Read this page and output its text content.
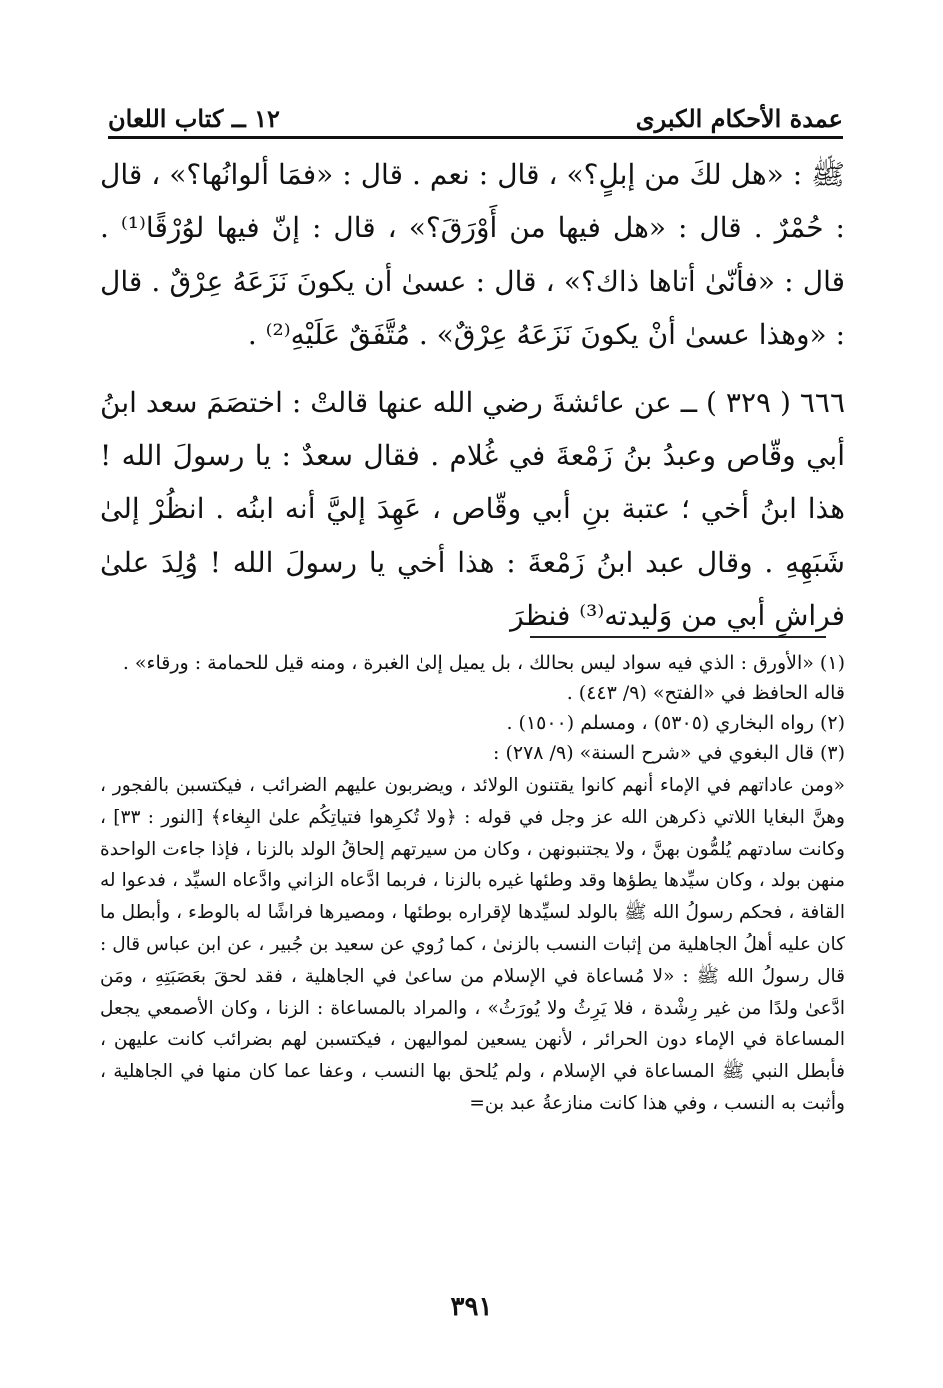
عمدة الأحكام الكبرى
١٢ ــ كتاب اللعان

ﷺ : «هل لكَ من إبلٍ؟» ، قال : نعم . قال : «فمَا ألوانُها؟» ، قال : حُمْرٌ . قال : «هل فيها من أَوْرَقَ؟» ، قال : إنّ فيها لوُرْقًا⁽¹⁾ . قال : «فأنّىٰ أتاها ذاك؟» ، قال : عسىٰ أن يكونَ نَزَعَهُ عِرْقٌ . قال : «وهذا عسىٰ أنْ يكونَ نَزَعَهُ عِرْقٌ» . مُتَّفَقٌ عَلَيْهِ⁽²⁾ .

٦٦٦ ( ٣٢٩ ) ــ عن عائشةَ رضي الله عنها قالتْ : اختصَمَ سعد ابنُ أبي وقّاص وعبدُ بنُ زَمْعةَ في غُلام . فقال سعدٌ : يا رسولَ الله ! هذا ابنُ أخي ؛ عتبة بنِ أبي وقّاص ، عَهِدَ إليَّ أنه ابنُه . انظُرْ إلىٰ شَبَهِهِ . وقال عبد ابنُ زَمْعةَ : هذا أخي يا رسولَ الله ! وُلِدَ علىٰ فراشِ أبي من وَليدته⁽³⁾ فنظرَ

(١) «الأورق : الذي فيه سواد ليس بحالك ، بل يميل إلىٰ الغبرة ، ومنه قيل للحمامة : ورقاء» . قاله الحافظ في «الفتح» (٩/ ٤٤٣) .

(٢) رواه البخاري (٥٣٠٥) ، ومسلم (١٥٠٠) .

(٣) قال البغوي في «شرح السنة» (٩/ ٢٧٨) :

«ومن عاداتهم في الإماء أنهم كانوا يقتنون الولائد ، ويضربون عليهم الضرائب ، فيكتسبن بالفجور ، وهنَّ البغايا اللاتي ذكرهن الله عز وجل في قوله : ﴿ولا تُكرِهوا فتياتِكُم علىٰ البِغاء﴾ [النور : ٣٣] ، وكانت سادتهم يُلمُّون بهنَّ ، ولا يجتنبونهن ، وكان من سيرتهم إلحاقُ الولد بالزنا ، فإذا جاءت الواحدة منهن بولد ، وكان سيِّدها يطؤها وقد وطئها غيره بالزنا ، فربما ادَّعاه الزاني وادَّعاه السيِّد ، فدعوا له القافة ، فحكم رسولُ الله ﷺ بالولد لسيِّدها لإقراره بوطئها ، ومصيرها فراشًا له بالوطء ، وأبطل ما كان عليه أهلُ الجاهلية من إثبات النسب بالزنىٰ ، كما رُوي عن سعيد بن جُبير ، عن ابن عباس قال : قال رسولُ الله ﷺ : «لا مُساعاة في الإسلام من ساعىٰ في الجاهلية ، فقد لحقَ بعَصَبَتِهِ ، ومَن ادَّعىٰ ولدًا من غير رِشْدة ، فلا يَرِثُ ولا يُورَثُ» ، والمراد بالمساعاة : الزنا ، وكان الأصمعي يجعل المساعاة في الإماء دون الحرائر ، لأنهن يسعين لمواليهن ، فيكتسبن لهم بضرائب كانت عليهن ، فأبطل النبي ﷺ المساعاة في الإسلام ، ولم يُلحق بها النسب ، وعفا عما كان منها في الجاهلية ، وأثبت به النسب ، وفي هذا كانت منازعةُ عبد بن=

٣٩١
